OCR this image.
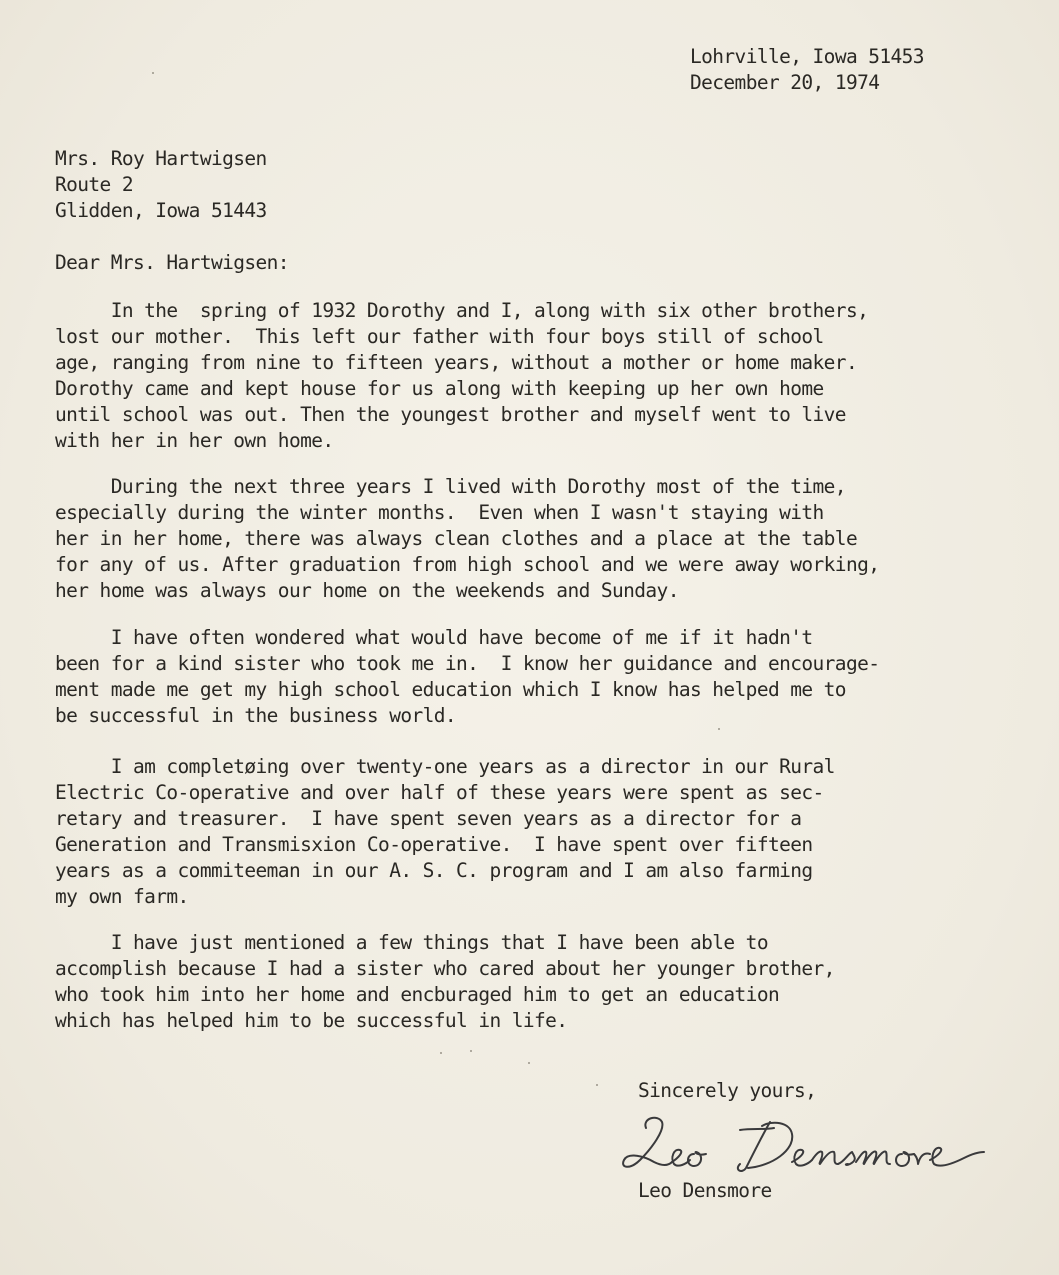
Lohrville, Iowa 51453
December 20, 1974
Mrs. Roy Hartwigsen
Route 2
Glidden, Iowa 51443
Dear Mrs. Hartwigsen:
In the  spring of 1932 Dorothy and I, along with six other brothers,
lost our mother.  This left our father with four boys still of school
age, ranging from nine to fifteen years, without a mother or home maker.
Dorothy came and kept house for us along with keeping up her own home
until school was out. Then the youngest brother and myself went to live
with her in her own home.
During the next three years I lived with Dorothy most of the time,
especially during the winter months.  Even when I wasn't staying with
her in her home, there was always clean clothes and a place at the table
for any of us. After graduation from high school and we were away working,
her home was always our home on the weekends and Sunday.
I have often wondered what would have become of me if it hadn't
been for a kind sister who took me in.  I know her guidance and encourage-
ment made me get my high school education which I know has helped me to
be successful in the business world.
I am completøing over twenty-one years as a director in our Rural
Electric Co-operative and over half of these years were spent as sec-
retary and treasurer.  I have spent seven years as a director for a
Generation and Transmisxion Co-operative.  I have spent over fifteen
years as a commiteeman in our A. S. C. program and I am also farming
my own farm.
I have just mentioned a few things that I have been able to
accomplish because I had a sister who cared about her younger brother,
who took him into her home and encburaged him to get an education
which has helped him to be successful in life.
Sincerely yours,
Leo Densmore
